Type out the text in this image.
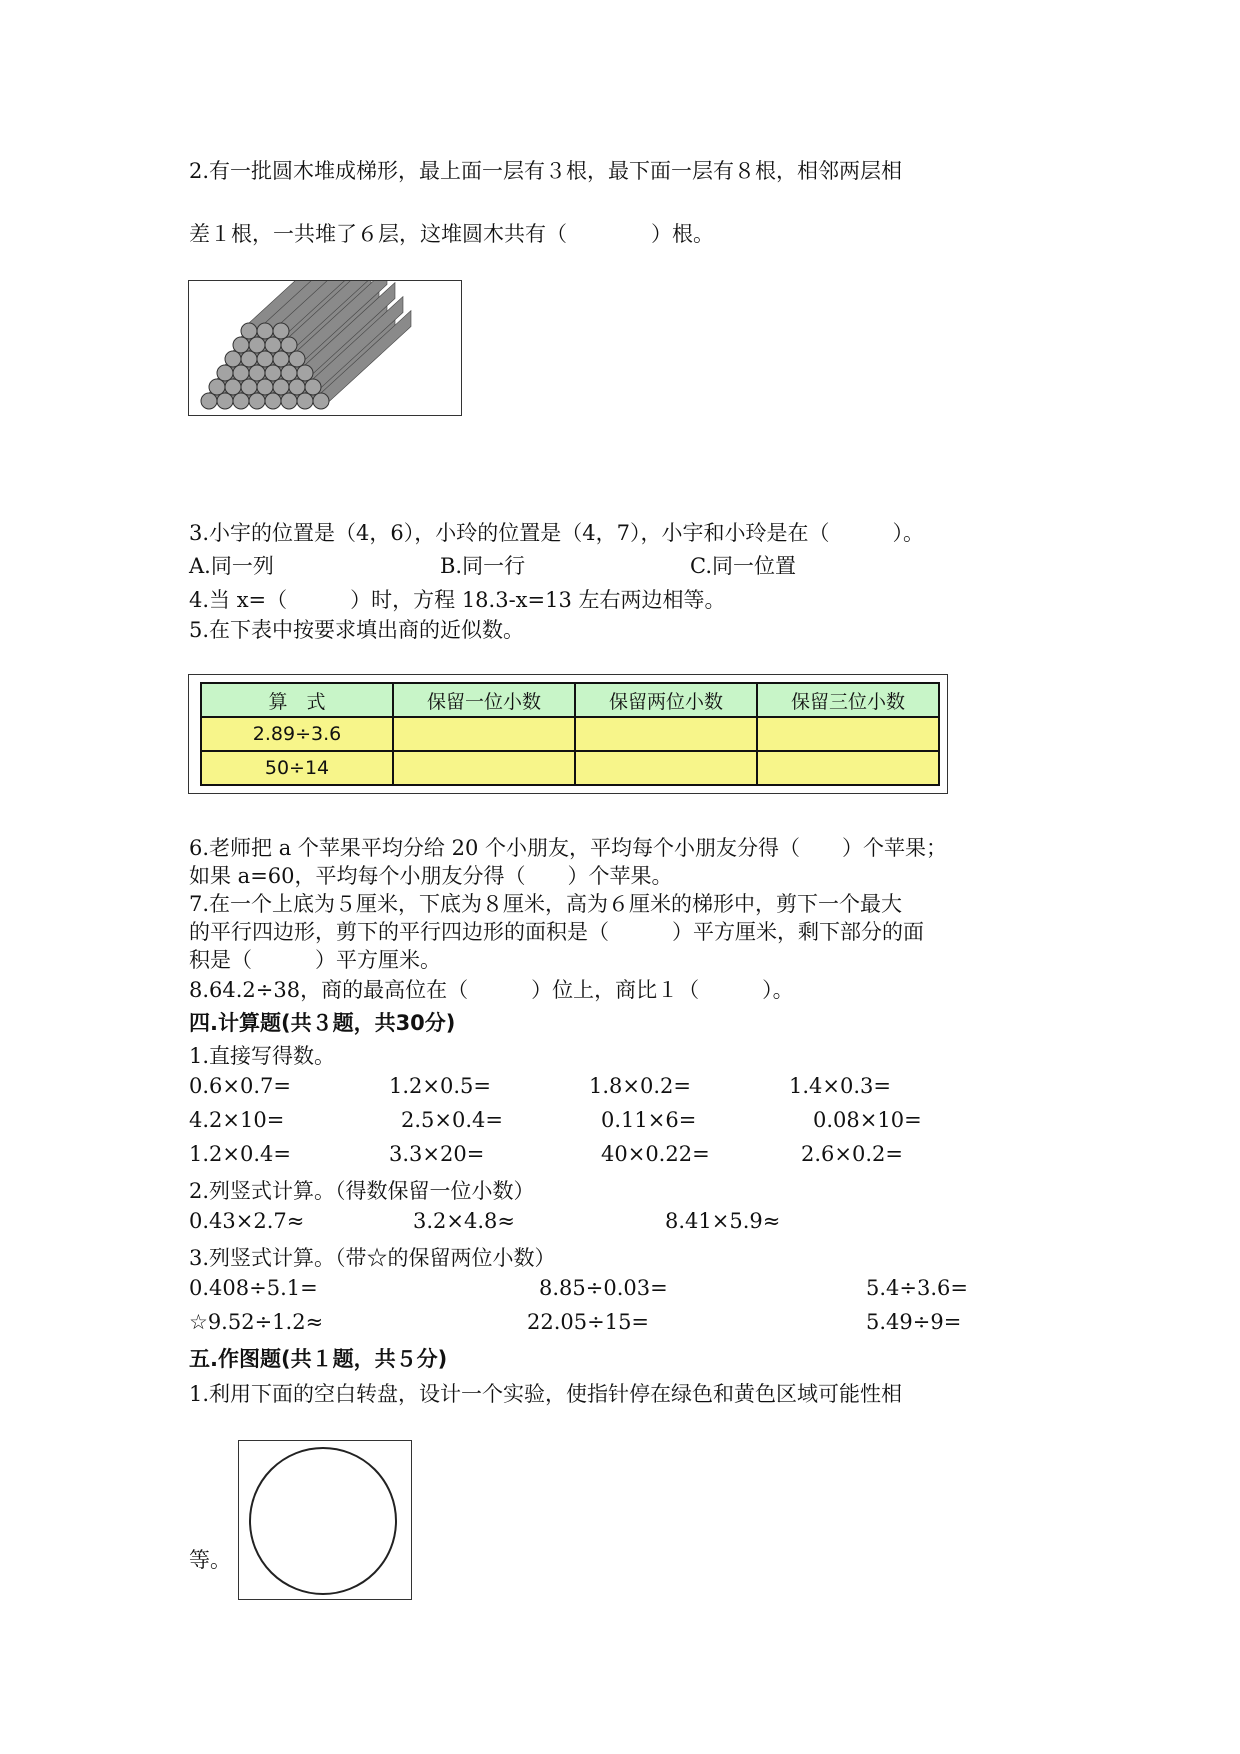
2.有一批圆木堆成梯形，最上面一层有３根，最下面一层有８根，相邻两层相
差１根，一共堆了６层，这堆圆木共有（　　　　）根。
3.小宇的位置是（4，6），小玲的位置是（4，7），小宇和小玲是在（　　　）。
A.同一列	B.同一行	C.同一位置
4.当 x=（　　　）时，方程 18.3-x=13 左右两边相等。
5.在下表中按要求填出商的近似数。
算　式	保留一位小数	保留两位小数	保留三位小数
2.89÷3.6			
50÷14			
6.老师把 a 个苹果平均分给 20 个小朋友，平均每个小朋友分得（　　）个苹果；
如果 a=60，平均每个小朋友分得（　　）个苹果。
7.在一个上底为５厘米，下底为８厘米，高为６厘米的梯形中，剪下一个最大
的平行四边形，剪下的平行四边形的面积是（　　　）平方厘米，剩下部分的面
积是（　　　）平方厘米。
8.64.2÷38，商的最高位在（　　　）位上，商比１（　　　）。
四.计算题(共３题，共30分)
1.直接写得数。
0.6×0.7=	1.2×0.5=	1.8×0.2=	1.4×0.3=
4.2×10=	2.5×0.4=	0.11×6=	0.08×10=
1.2×0.4=	3.3×20=	40×0.22=	2.6×0.2=
2.列竖式计算。（得数保留一位小数）
0.43×2.7≈	3.2×4.8≈	8.41×5.9≈
3.列竖式计算。（带☆的保留两位小数）
0.408÷5.1=	8.85÷0.03=	5.4÷3.6=
☆9.52÷1.2≈	22.05÷15=	5.49÷9=
五.作图题(共１题，共５分)
1.利用下面的空白转盘，设计一个实验，使指针停在绿色和黄色区域可能性相
等。
